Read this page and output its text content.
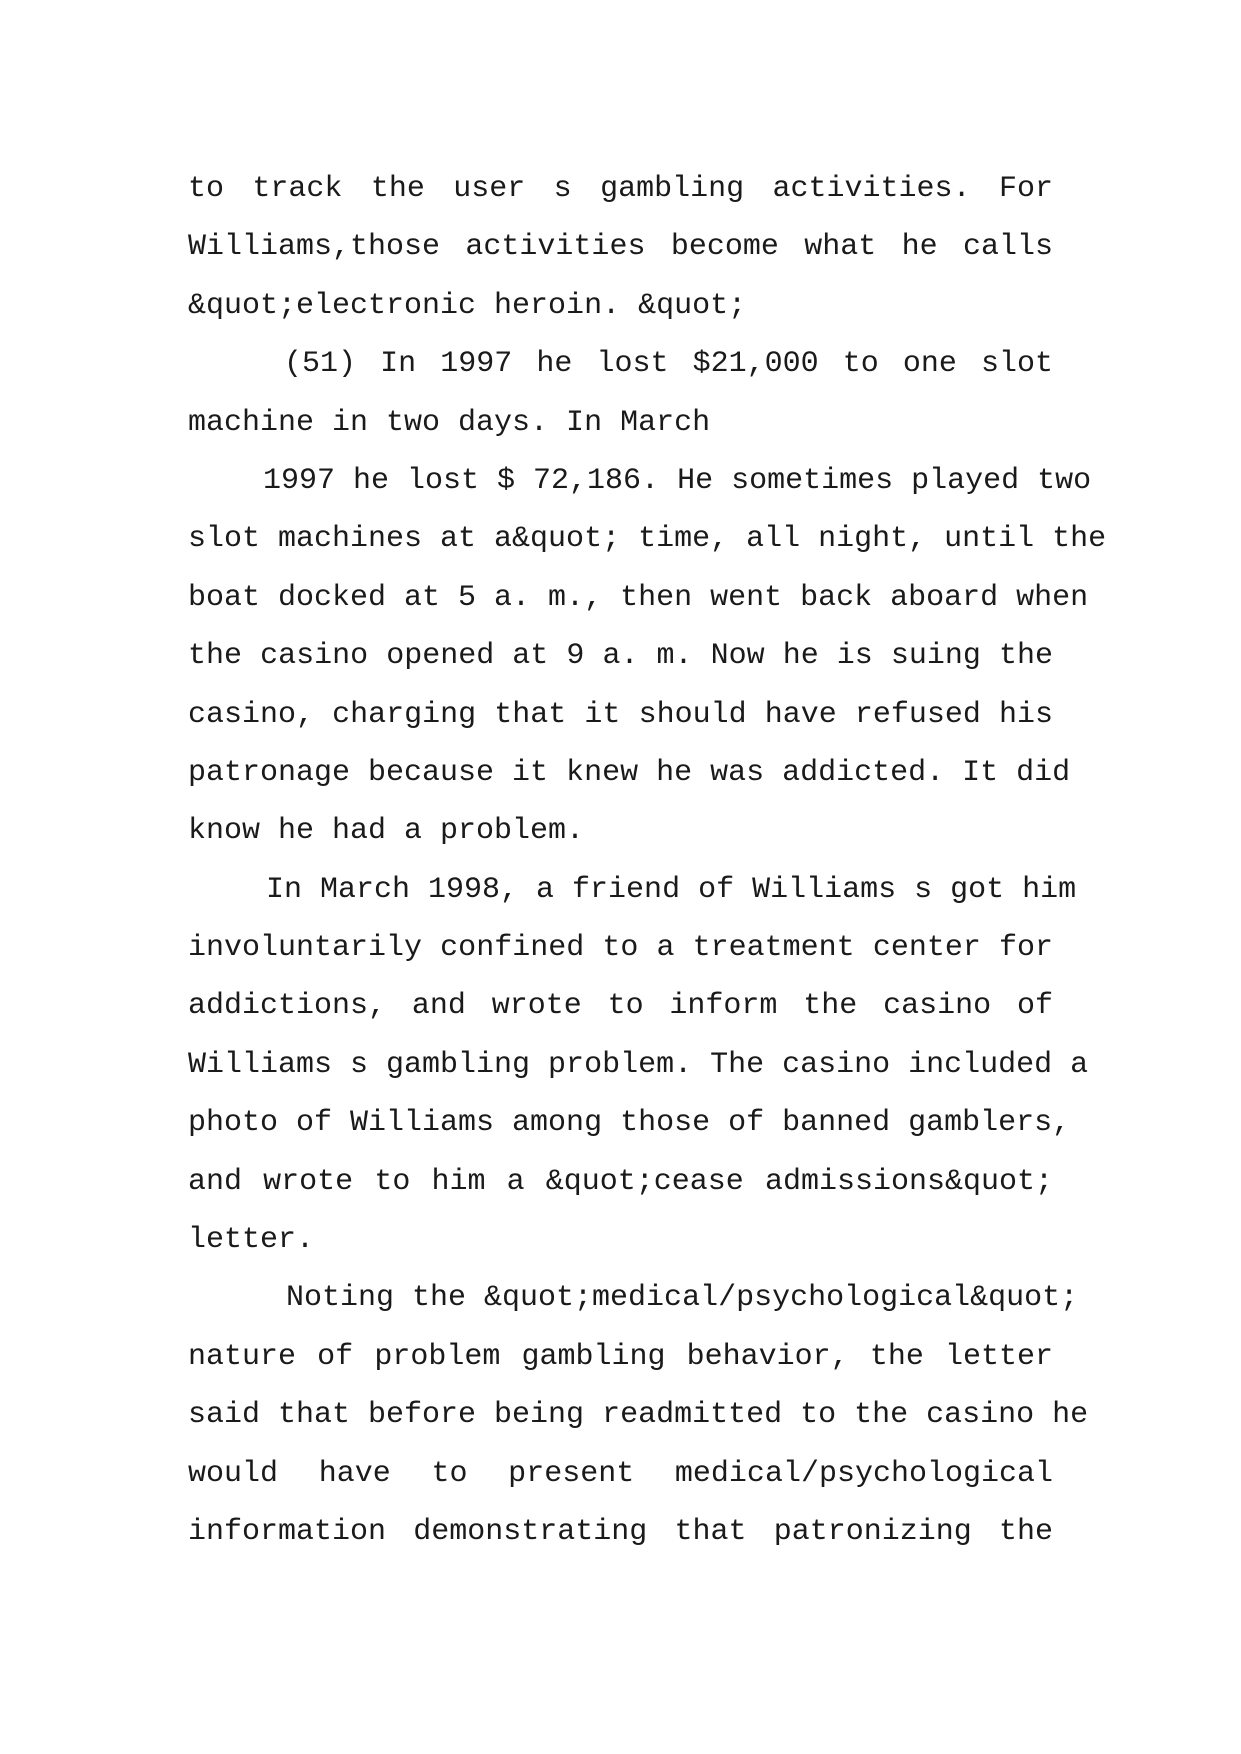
to track the user s gambling activities. For
Williams,those activities become what he calls
&quot;electronic heroin. &quot;
(51) In 1997 he lost $21,000 to one slot
machine in two days. In March
1997 he lost $ 72,186. He sometimes played two
slot machines at a&quot; time, all night, until the
boat docked at 5 a. m., then went back aboard when
the casino opened at 9 a. m. Now he is suing the
casino, charging that it should have refused his
patronage because it knew he was addicted. It did
know he had a problem.
In March 1998, a friend of Williams s got him
involuntarily confined to a treatment center for
addictions, and wrote to inform the casino of
Williams s gambling problem. The casino included a
photo of Williams among those of banned gamblers,
and wrote to him a &quot;cease admissions&quot;
letter.
Noting the &quot;medical/psychological&quot;
nature of problem gambling behavior, the letter
said that before being readmitted to the casino he
would have to present medical/psychological
information demonstrating that patronizing the
